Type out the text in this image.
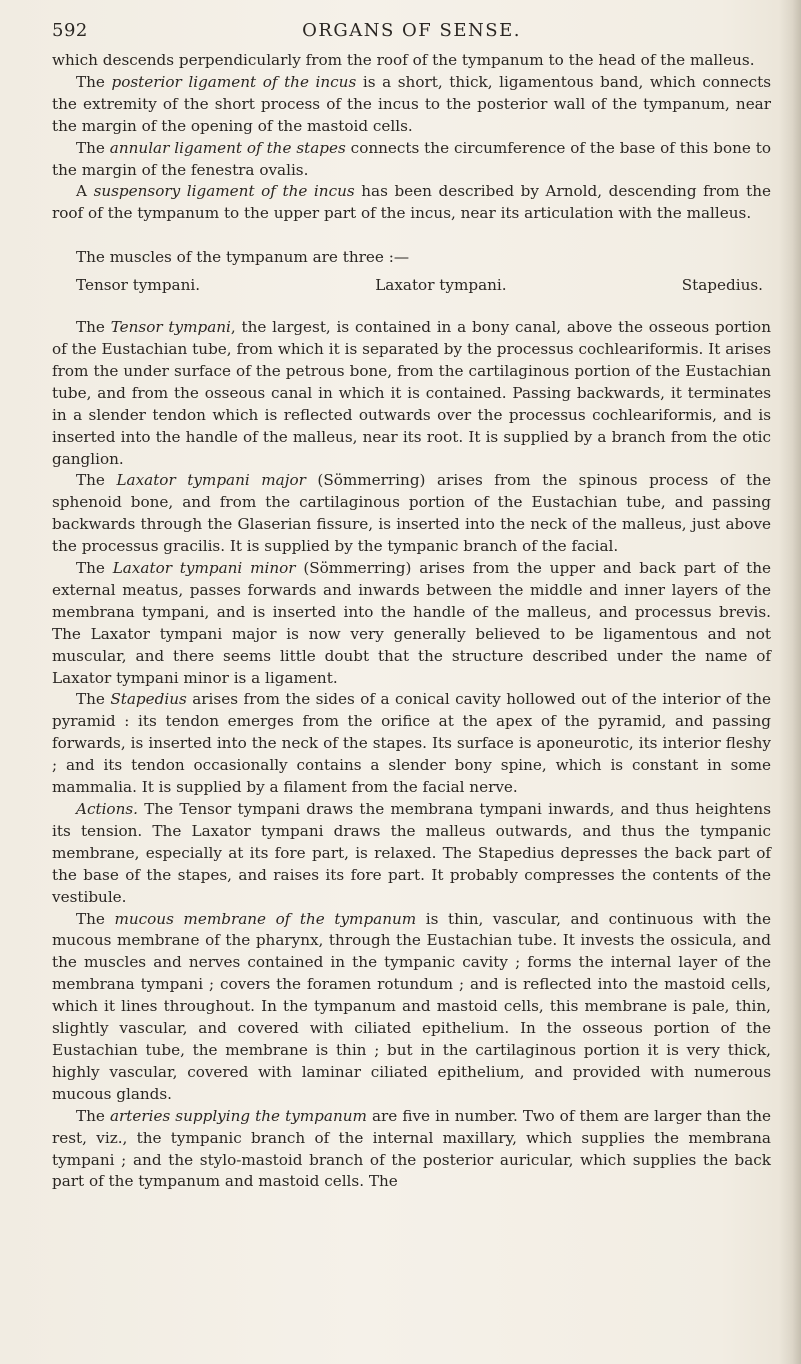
592	ORGANS OF SENSE.

which descends perpendicularly from the roof of the tympanum to the head of the malleus.

The posterior ligament of the incus is a short, thick, ligamentous band, which connects the extremity of the short process of the incus to the posterior wall of the tympanum, near the margin of the opening of the mastoid cells.

The annular ligament of the stapes connects the circumference of the base of this bone to the margin of the fenestra ovalis.

A suspensory ligament of the incus has been described by Arnold, descending from the roof of the tympanum to the upper part of the incus, near its articulation with the malleus.

The muscles of the tympanum are three :—

Tensor tympani.	Laxator tympani.	Stapedius.

The Tensor tympani, the largest, is contained in a bony canal, above the osseous portion of the Eustachian tube, from which it is separated by the processus cochleariformis. It arises from the under surface of the petrous bone, from the cartilaginous portion of the Eustachian tube, and from the osseous canal in which it is contained. Passing backwards, it terminates in a slender tendon which is reflected outwards over the processus cochleariformis, and is inserted into the handle of the malleus, near its root. It is supplied by a branch from the otic ganglion.

The Laxator tympani major (Sömmerring) arises from the spinous process of the sphenoid bone, and from the cartilaginous portion of the Eustachian tube, and passing backwards through the Glaserian fissure, is inserted into the neck of the malleus, just above the processus gracilis. It is supplied by the tympanic branch of the facial.

The Laxator tympani minor (Sömmerring) arises from the upper and back part of the external meatus, passes forwards and inwards between the middle and inner layers of the membrana tympani, and is inserted into the handle of the malleus, and processus brevis. The Laxator tympani major is now very generally believed to be ligamentous and not muscular, and there seems little doubt that the structure described under the name of Laxator tympani minor is a ligament.

The Stapedius arises from the sides of a conical cavity hollowed out of the interior of the pyramid : its tendon emerges from the orifice at the apex of the pyramid, and passing forwards, is inserted into the neck of the stapes. Its surface is aponeurotic, its interior fleshy ; and its tendon occasionally contains a slender bony spine, which is constant in some mammalia. It is supplied by a filament from the facial nerve.

Actions. The Tensor tympani draws the membrana tympani inwards, and thus heightens its tension. The Laxator tympani draws the malleus outwards, and thus the tympanic membrane, especially at its fore part, is relaxed. The Stapedius depresses the back part of the base of the stapes, and raises its fore part. It probably compresses the contents of the vestibule.

The mucous membrane of the tympanum is thin, vascular, and continuous with the mucous membrane of the pharynx, through the Eustachian tube. It invests the ossicula, and the muscles and nerves contained in the tympanic cavity ; forms the internal layer of the membrana tympani ; covers the foramen rotundum ; and is reflected into the mastoid cells, which it lines throughout. In the tympanum and mastoid cells, this membrane is pale, thin, slightly vascular, and covered with ciliated epithelium. In the osseous portion of the Eustachian tube, the membrane is thin ; but in the cartilaginous portion it is very thick, highly vascular, covered with laminar ciliated epithelium, and provided with numerous mucous glands.

The arteries supplying the tympanum are five in number. Two of them are larger than the rest, viz., the tympanic branch of the internal maxillary, which supplies the membrana tympani ; and the stylo-mastoid branch of the posterior auricular, which supplies the back part of the tympanum and mastoid cells. The
